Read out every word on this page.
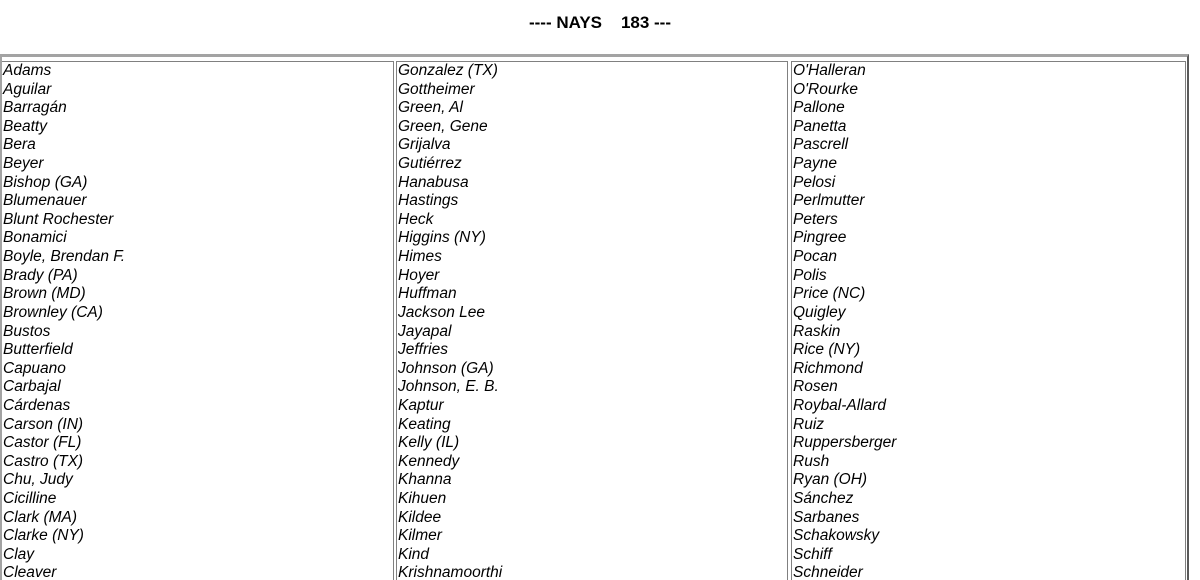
---- NAYS 183 ---
Adams
Aguilar
Barragán
Beatty
Bera
Beyer
Bishop (GA)
Blumenauer
Blunt Rochester
Bonamici
Boyle, Brendan F.
Brady (PA)
Brown (MD)
Brownley (CA)
Bustos
Butterfield
Capuano
Carbajal
Cárdenas
Carson (IN)
Castor (FL)
Castro (TX)
Chu, Judy
Cicilline
Clark (MA)
Clarke (NY)
Clay
Cleaver
Gonzalez (TX)
Gottheimer
Green, Al
Green, Gene
Grijalva
Gutiérrez
Hanabusa
Hastings
Heck
Higgins (NY)
Himes
Hoyer
Huffman
Jackson Lee
Jayapal
Jeffries
Johnson (GA)
Johnson, E. B.
Kaptur
Keating
Kelly (IL)
Kennedy
Khanna
Kihuen
Kildee
Kilmer
Kind
Krishnamoorthi
O'Halleran
O'Rourke
Pallone
Panetta
Pascrell
Payne
Pelosi
Perlmutter
Peters
Pingree
Pocan
Polis
Price (NC)
Quigley
Raskin
Rice (NY)
Richmond
Rosen
Roybal-Allard
Ruiz
Ruppersberger
Rush
Ryan (OH)
Sánchez
Sarbanes
Schakowsky
Schiff
Schneider
